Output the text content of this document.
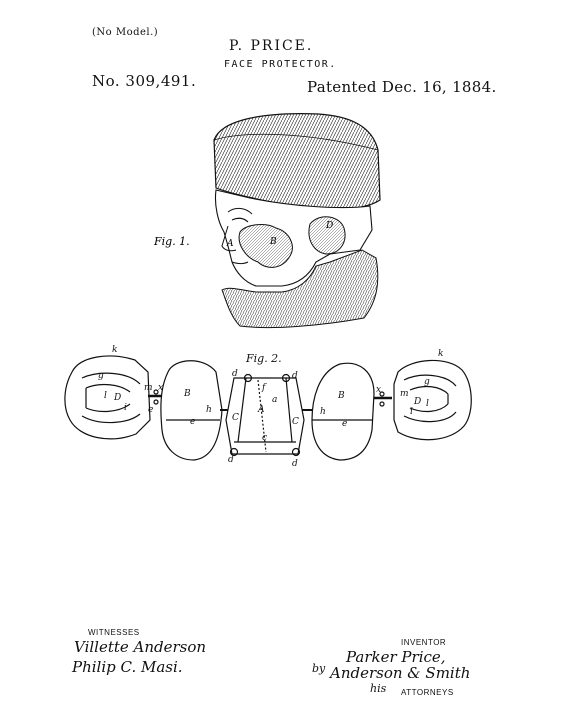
(No Model.)
P. PRICE.
FACE PROTECTOR.
No. 309,491.	Patented Dec. 16, 1884.
Fig. 1.	A	B
D
Fig. 2.
k
g
m x
l D
i e	h
B
e	C	C
A
d	d
f
a
c
d	d
h
B
e
x m
D l
i
g
k
WITNESSES
Villette Anderson
Philip C. Masi.
INVENTOR
Parker Price,
by Anderson & Smith
his ATTORNEYS
